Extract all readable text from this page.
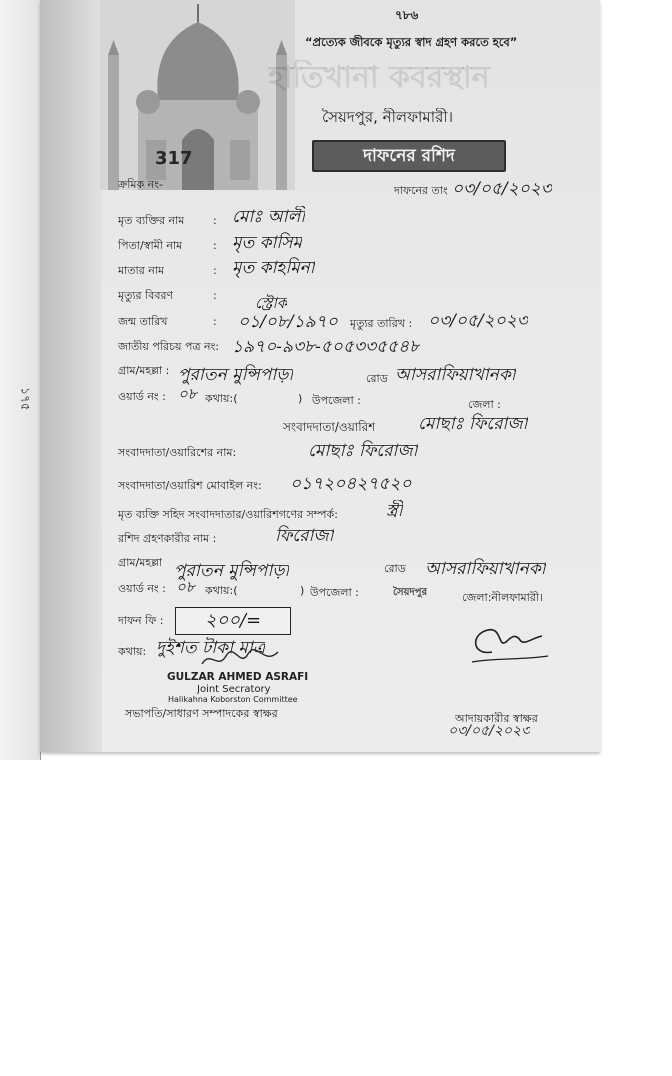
১৭৫
৭৮৬
“প্রত্যেক জীবকে মৃত্যুর স্বাদ গ্রহণ করতে হবে”
হাতিখানা কবরস্থান
সৈয়দপুর, নীলফামারী।
দাফনের রশিদ
317
ক্রমিক নং-	দাফনের তাং ০৩/০৫/২০২৩
মৃত ব্যক্তির নাম	: মোঃ আলী
পিতা/স্বামী নাম	: মৃত কাসিম
মাতার নাম	: মৃত কাহমিনা
মৃত্যুর বিবরণ	:	স্ট্রোক
জন্ম তারিখ	: ০১/০৮/১৯৭০ মৃত্যুর তারিখ : ০৩/০৫/২০২৩
জাতীয় পরিচয় পত্র নং: ১৯৭০-৯৩৮-৫০৫৩৩৫৫৪৮
গ্রাম/মহল্লা : পুরাতন মুন্সিপাড়া	রোড আসরাফিয়াখানকা
ওয়ার্ড নং : ০৮ কথায়:(	) উপজেলা :	জেলা :
সংবাদদাতা/ওয়ারিশ	মোছাঃ ফিরোজা
সংবাদদাতা/ওয়ারিশের নাম:	মোছাঃ ফিরোজা
সংবাদদাতা/ওয়ারিশ মোবাইল নং: ০১৭২০৪২৭৫২০
মৃত ব্যক্তি সহিদ সংবাদদাতার/ওয়ারিশগণের সম্পর্ক:	স্ত্রী
রশিদ গ্রহণকারীর নাম :	ফিরোজা
গ্রাম/মহল্লা পুরাতন মুন্সিপাড়া	রোড আসরাফিয়াখানকা
ওয়ার্ড নং : ০৮ কথায়:(	) উপজেলা :	সৈয়দপুর	জেলা:নীলফামারী।
দাফন ফি :	২০০/=
কথায়: দুইশত টাকা মাত্র
GULZAR AHMED ASRAFI
Joint Secratory
Halikahna Koborston Committee
সভাপতি/সাধারণ সম্পাদকের স্বাক্ষর	আদায়কারীর স্বাক্ষর
০৩/০৫/২০২৩
